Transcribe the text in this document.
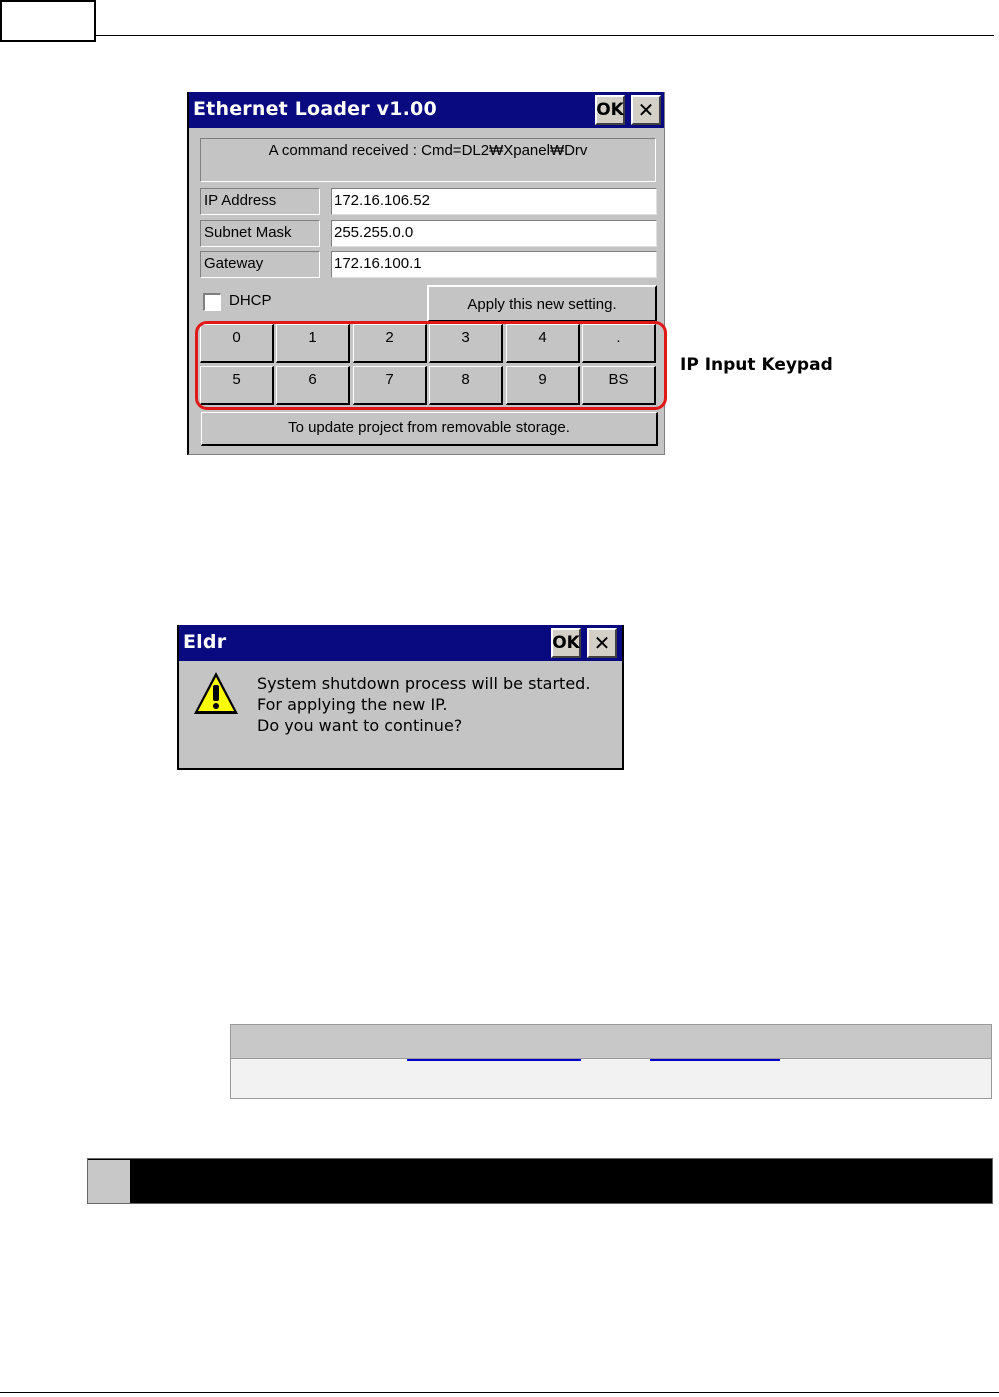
Ethernet Loader v1.00	OK ✕
A command received : Cmd=DL2₩Xpanel₩Drv
IP Address	172.16.106.52
Subnet Mask	255.255.0.0
Gateway	172.16.100.1
DHCP	Apply this new setting.
0	1	2	3	4	.
5	6	7	8	9	BS
To update project from removable storage.
IP Input Keypad
Eldr	OK ✕
System shutdown process will be started.
For applying the new IP.
Do you want to continue?
